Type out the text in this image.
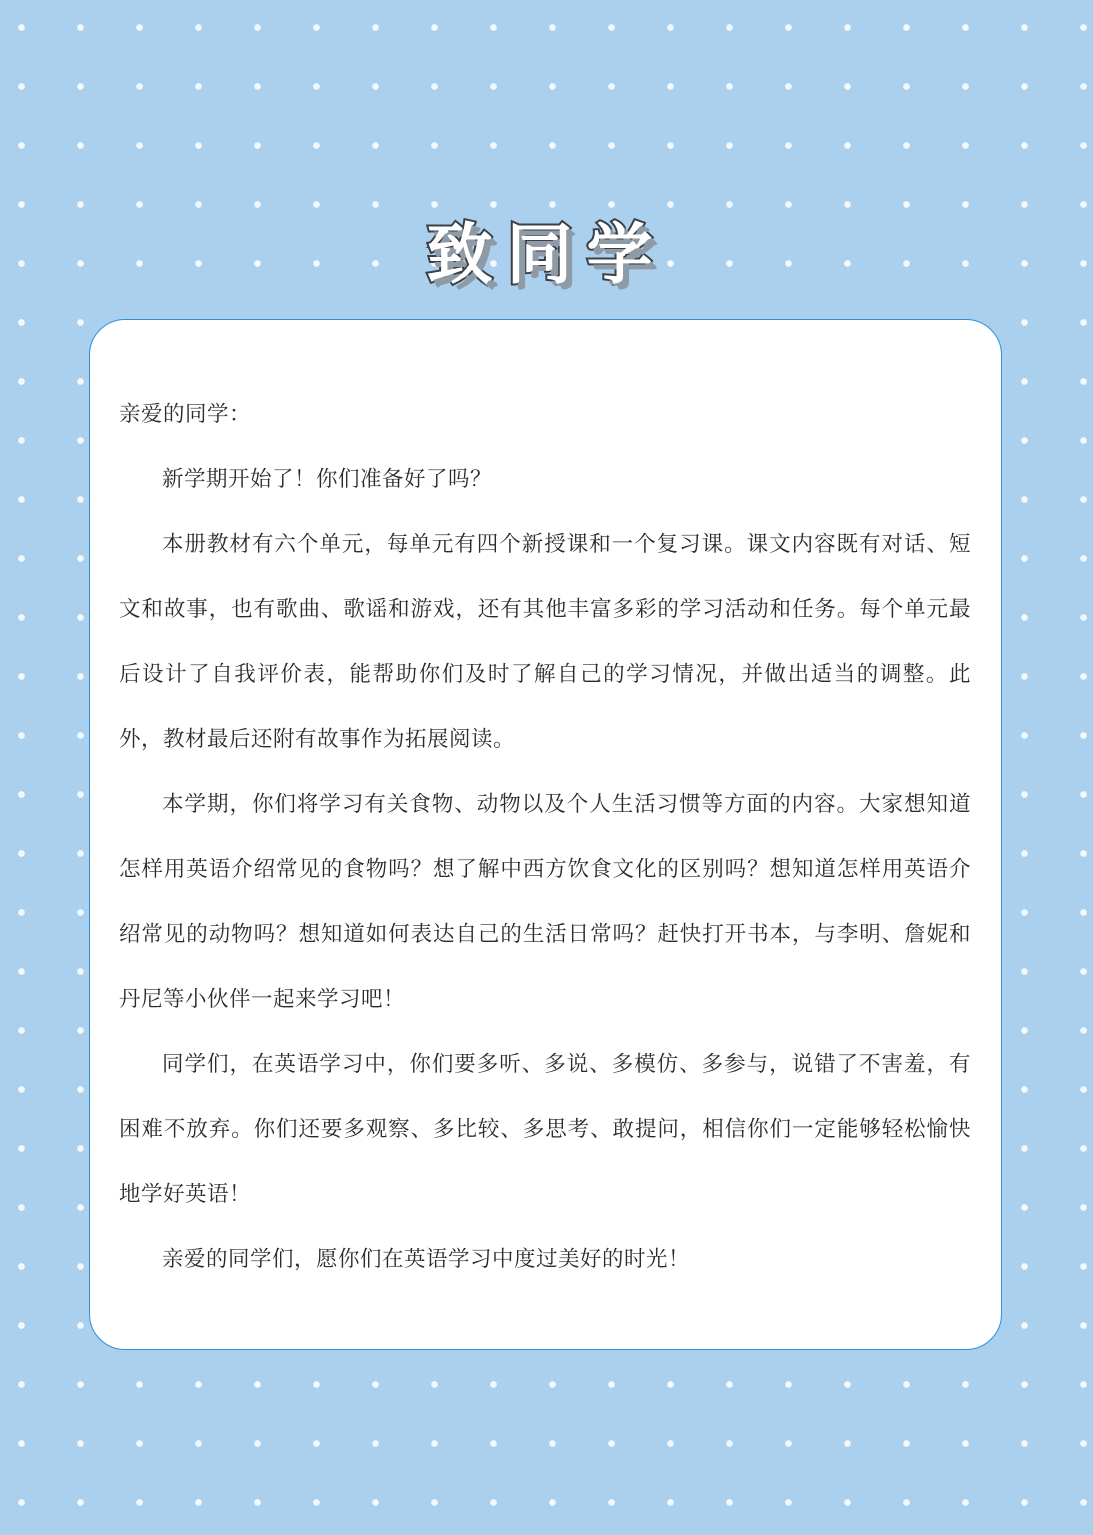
致同学

亲爱的同学：

新学期开始了！你们准备好了吗？

本册教材有六个单元，每单元有四个新授课和一个复习课。课文内容既有对话、短文和故事，也有歌曲、歌谣和游戏，还有其他丰富多彩的学习活动和任务。每个单元最后设计了自我评价表，能帮助你们及时了解自己的学习情况，并做出适当的调整。此外，教材最后还附有故事作为拓展阅读。

本学期，你们将学习有关食物、动物以及个人生活习惯等方面的内容。大家想知道怎样用英语介绍常见的食物吗？想了解中西方饮食文化的区别吗？想知道怎样用英语介绍常见的动物吗？想知道如何表达自己的生活日常吗？赶快打开书本，与李明、詹妮和丹尼等小伙伴一起来学习吧！

同学们，在英语学习中，你们要多听、多说、多模仿、多参与，说错了不害羞，有困难不放弃。你们还要多观察、多比较、多思考、敢提问，相信你们一定能够轻松愉快地学好英语！

亲爱的同学们，愿你们在英语学习中度过美好的时光！
